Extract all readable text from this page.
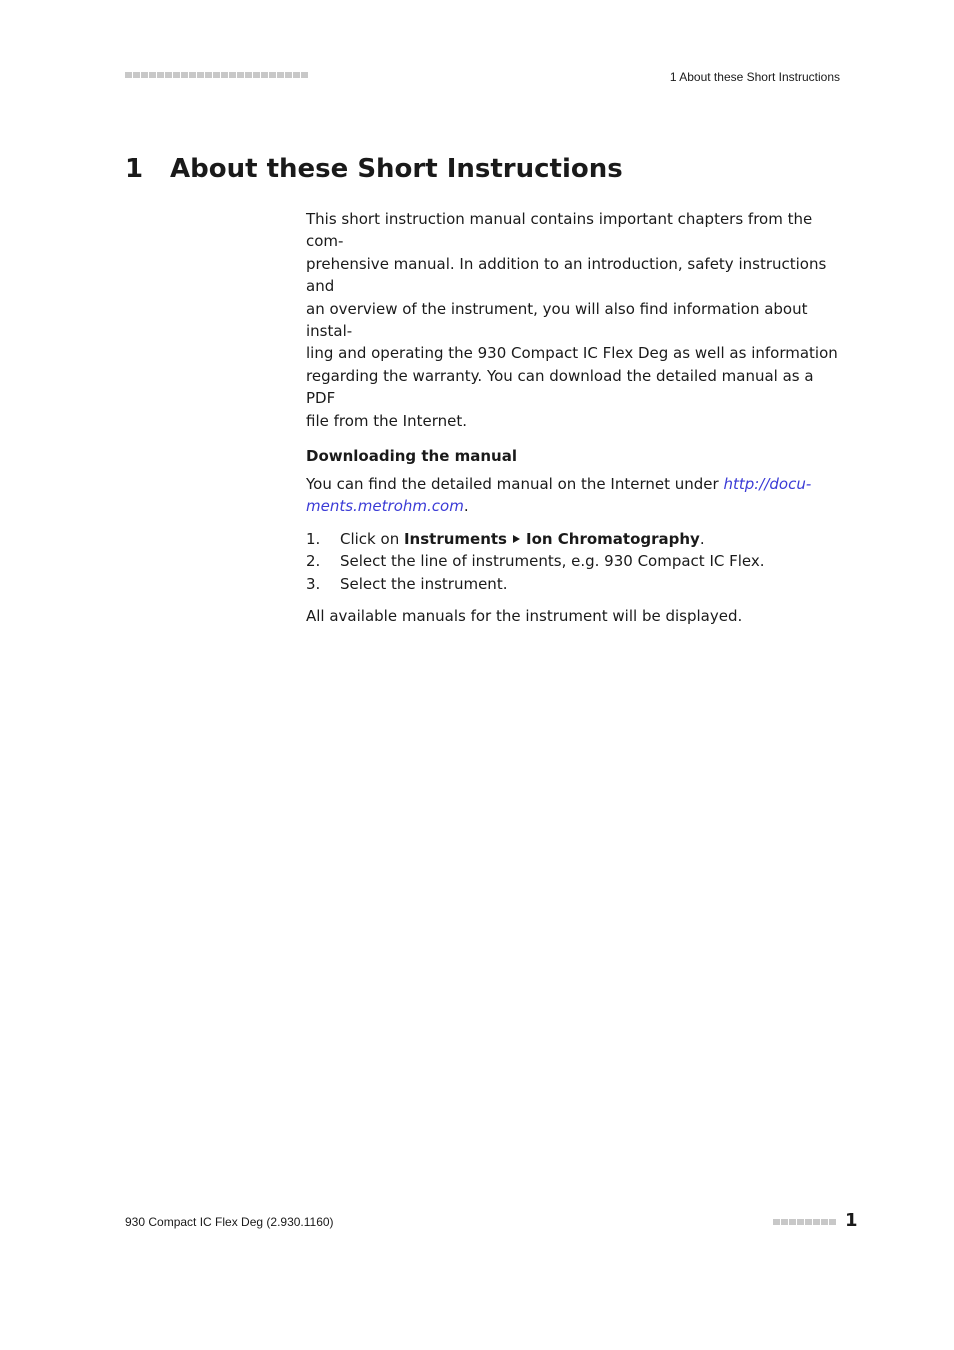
1 About these Short Instructions
1	About these Short Instructions

This short instruction manual contains important chapters from the com-
prehensive manual. In addition to an introduction, safety instructions and
an overview of the instrument, you will also find information about instal-
ling and operating the 930 Compact IC Flex Deg as well as information
regarding the warranty. You can download the detailed manual as a PDF
file from the Internet.

Downloading the manual

You can find the detailed manual on the Internet under http://docu-
ments.metrohm.com.

1.	Click on Instruments Ion Chromatography.
2.	Select the line of instruments, e.g. 930 Compact IC Flex.
3.	Select the instrument.

All available manuals for the instrument will be displayed.

930 Compact IC Flex Deg (2.930.1160)	1
